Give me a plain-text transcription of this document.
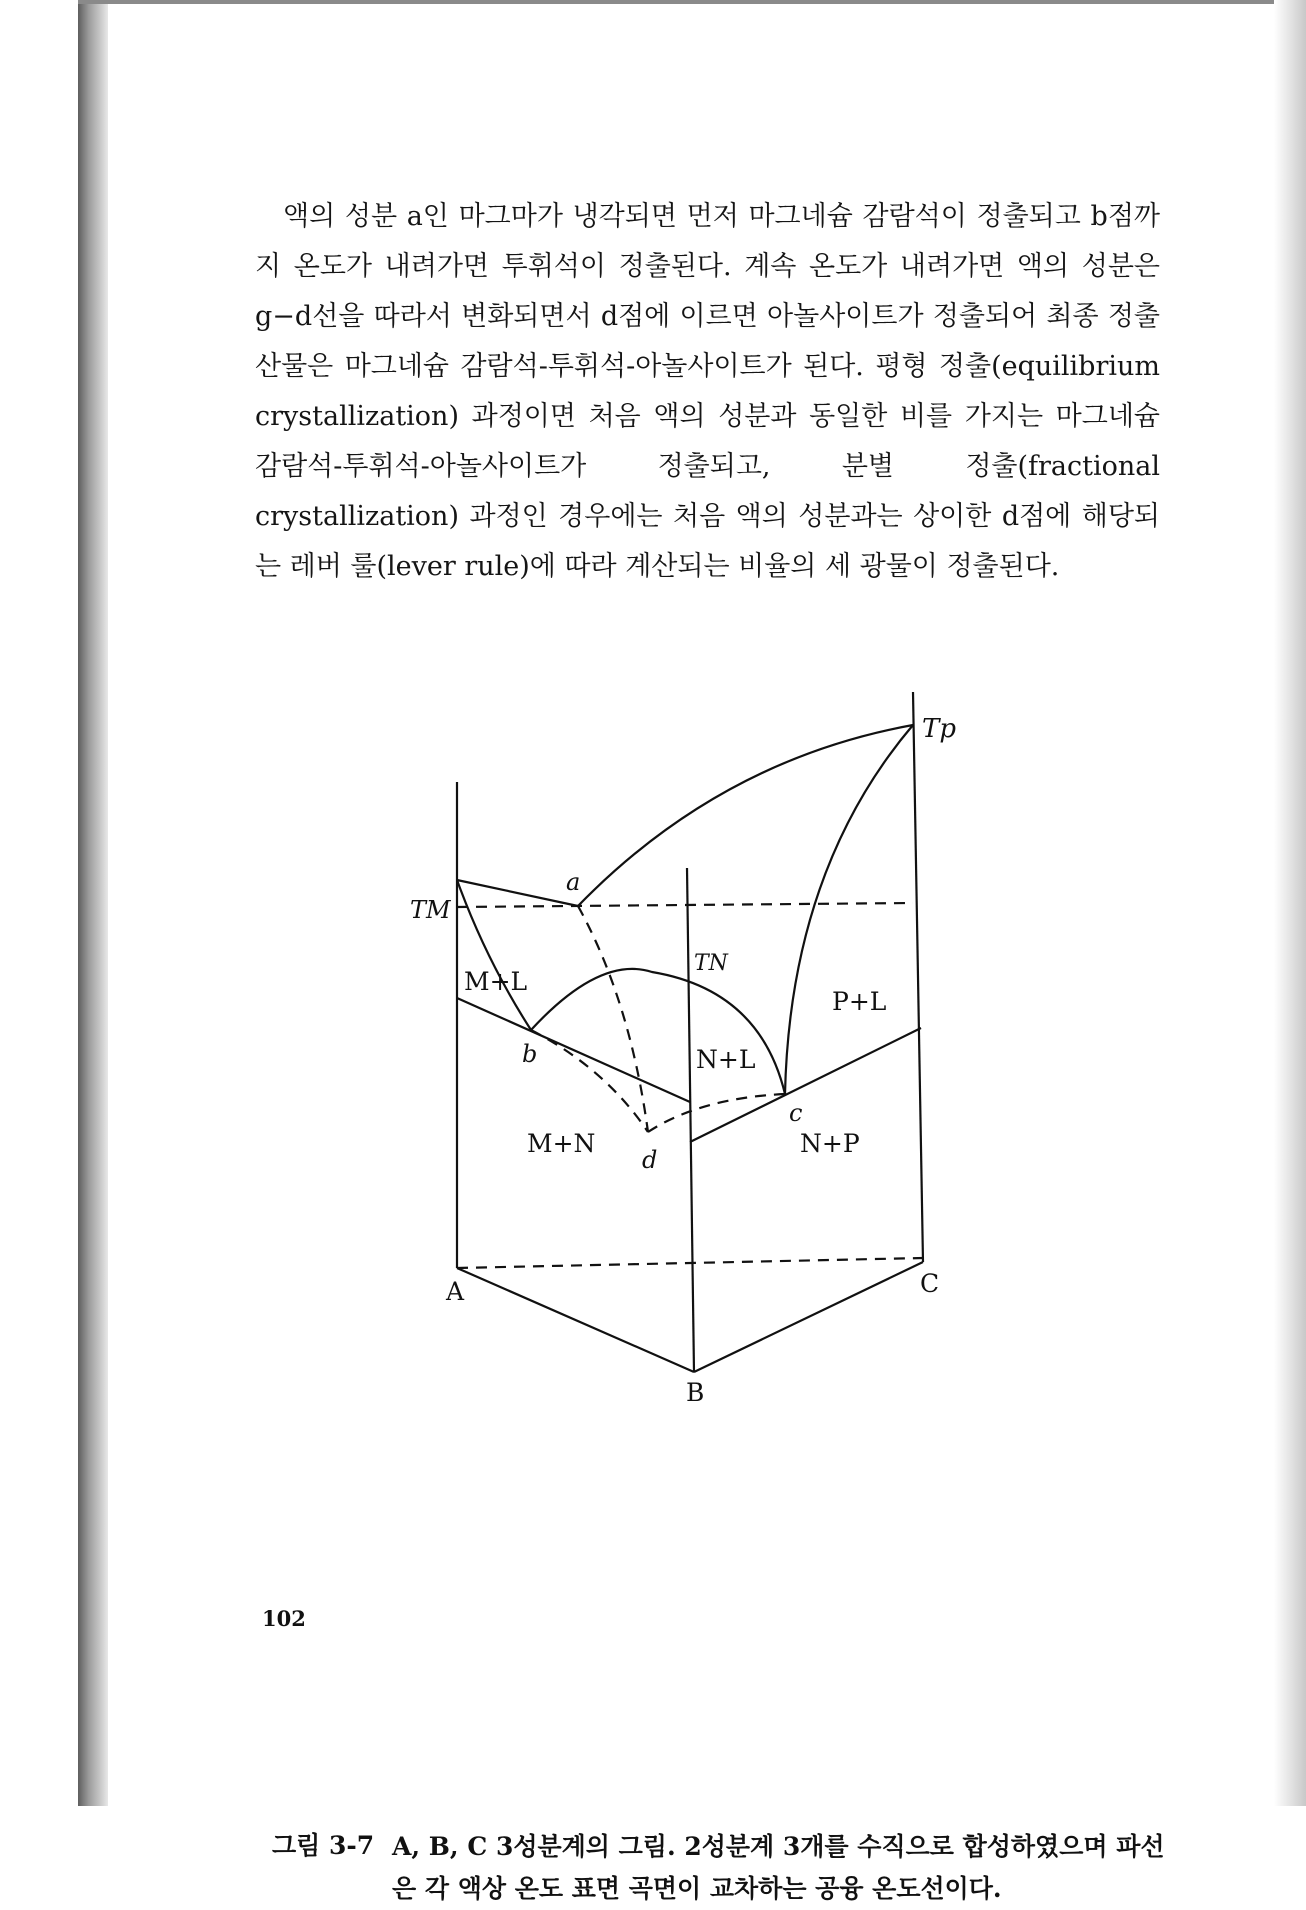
액의 성분 a인 마그마가 냉각되면 먼저 마그네슘 감람석이 정출되고 b점까지 온도가 내려가면 투휘석이 정출된다. 계속 온도가 내려가면 액의 성분은 g−d선을 따라서 변화되면서 d점에 이르면 아놀사이트가 정출되어 최종 정출 산물은 마그네슘 감람석-투휘석-아놀사이트가 된다. 평형 정출(equilibrium crystallization) 과정이면 처음 액의 성분과 동일한 비를 가지는 마그네슘 감람석-투휘석-아놀사이트가 정출되고, 분별 정출(fractional crystallization) 과정인 경우에는 처음 액의 성분과는 상이한 d점에 해당되는 레버 룰(lever rule)에 따라 계산되는 비율의 세 광물이 정출된다.

Tp
TM
TN
a
b
c
d
M+L
N+L
P+L
M+N	N+P
A
B
C
그림 3-7 A, B, C 3성분계의 그림. 2성분계 3개를 수직으로 합성하였으며 파선은 각 액상 온도 표면 곡면이 교차하는 공융 온도선이다.
102
